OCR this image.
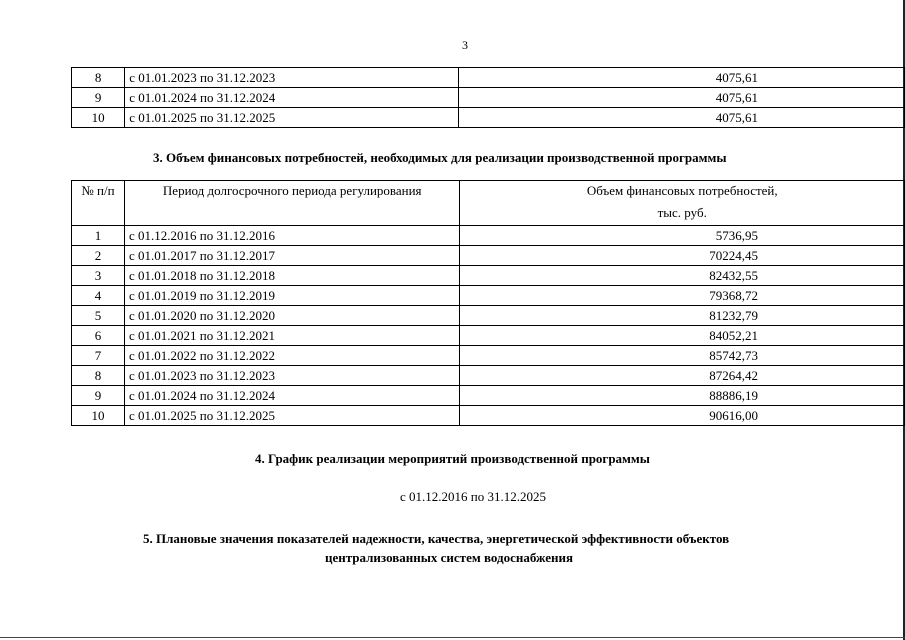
3
8	с 01.01.2023 по 31.12.2023	4075,61
9	с 01.01.2024 по 31.12.2024	4075,61
10	с 01.01.2025 по 31.12.2025	4075,61
3. Объем финансовых потребностей, необходимых для реализации производственной программы
№ п/п	Период долгосрочного периода регулирования	Объем финансовых потребностей,
тыс. руб.

1	с 01.12.2016 по 31.12.2016	5736,95
2	с 01.01.2017 по 31.12.2017	70224,45
3	с 01.01.2018 по 31.12.2018	82432,55
4	с 01.01.2019 по 31.12.2019	79368,72
5	с 01.01.2020 по 31.12.2020	81232,79
6	с 01.01.2021 по 31.12.2021	84052,21
7	с 01.01.2022 по 31.12.2022	85742,73
8	с 01.01.2023 по 31.12.2023	87264,42
9	с 01.01.2024 по 31.12.2024	88886,19
10	с 01.01.2025 по 31.12.2025	90616,00
4. График реализации мероприятий производственной программы
с 01.12.2016 по 31.12.2025
5. Плановые значения показателей надежности, качества, энергетической эффективности объектов
централизованных систем водоснабжения
